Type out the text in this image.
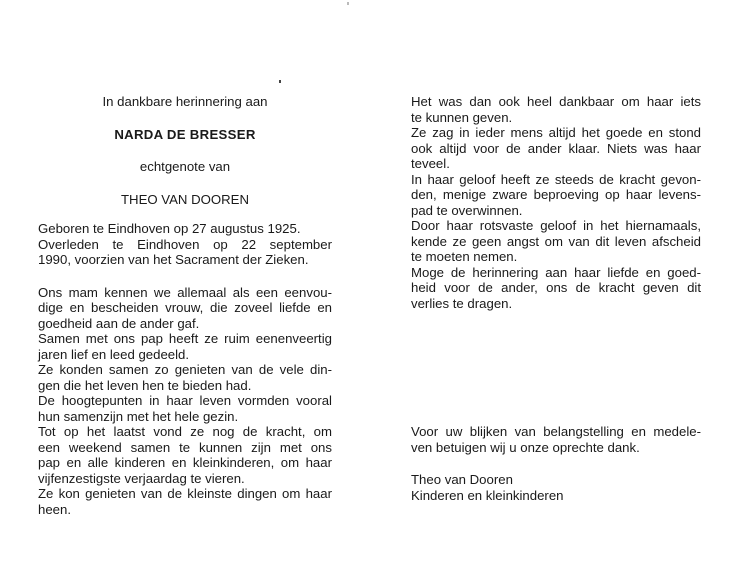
In dankbare herinnering aan
NARDA DE BRESSER
echtgenote van
THEO VAN DOOREN
Geboren te Eindhoven op 27 augustus 1925.
Overleden te Eindhoven op 22 september
1990, voorzien van het Sacrament der Zieken.
Ons mam kennen we allemaal als een eenvou-
dige en bescheiden vrouw, die zoveel liefde en
goedheid aan de ander gaf.
Samen met ons pap heeft ze ruim eenenveertig
jaren lief en leed gedeeld.
Ze konden samen zo genieten van de vele din-
gen die het leven hen te bieden had.
De hoogtepunten in haar leven vormden vooral
hun samenzijn met het hele gezin.
Tot op het laatst vond ze nog de kracht, om
een weekend samen te kunnen zijn met ons
pap en alle kinderen en kleinkinderen, om haar
vijfenzestigste verjaardag te vieren.
Ze kon genieten van de kleinste dingen om haar
heen.
Het was dan ook heel dankbaar om haar iets
te kunnen geven.
Ze zag in ieder mens altijd het goede en stond
ook altijd voor de ander klaar. Niets was haar
teveel.
In haar geloof heeft ze steeds de kracht gevon-
den, menige zware beproeving op haar levens-
pad te overwinnen.
Door haar rotsvaste geloof in het hiernamaals,
kende ze geen angst om van dit leven afscheid
te moeten nemen.
Moge de herinnering aan haar liefde en goed-
heid voor de ander, ons de kracht geven dit
verlies te dragen.
Voor uw blijken van belangstelling en medele-
ven betuigen wij u onze oprechte dank.
Theo van Dooren
Kinderen en kleinkinderen
